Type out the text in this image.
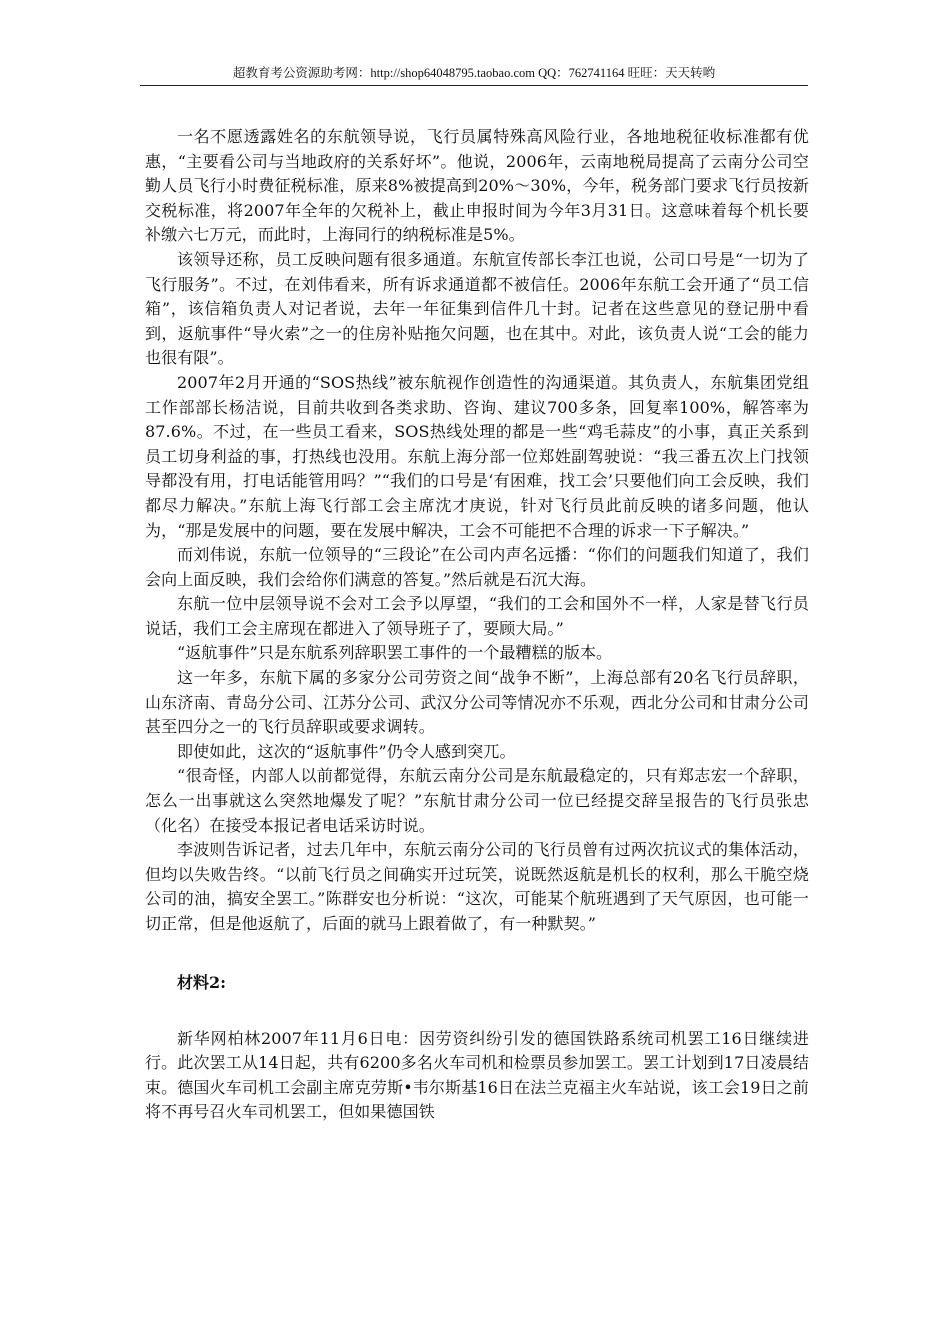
超教育考公资源助考网：http://shop64048795.taobao.com QQ：762741164 旺旺：天天转哟

一名不愿透露姓名的东航领导说，飞行员属特殊高风险行业，各地地税征收标准都有优惠，“主要看公司与当地政府的关系好坏”。他说，2006年，云南地税局提高了云南分公司空勤人员飞行小时费征税标准，原来8%被提高到20%～30%，今年，税务部门要求飞行员按新交税标准，将2007年全年的欠税补上，截止申报时间为今年3月31日。这意味着每个机长要补缴六七万元，而此时，上海同行的纳税标准是5%。

该领导还称，员工反映问题有很多通道。东航宣传部长李江也说，公司口号是“一切为了飞行服务”。不过，在刘伟看来，所有诉求通道都不被信任。2006年东航工会开通了“员工信箱”，该信箱负责人对记者说，去年一年征集到信件几十封。记者在这些意见的登记册中看到，返航事件“导火索”之一的住房补贴拖欠问题，也在其中。对此，该负责人说“工会的能力也很有限”。

2007年2月开通的“SOS热线”被东航视作创造性的沟通渠道。其负责人，东航集团党组工作部部长杨洁说，目前共收到各类求助、咨询、建议700多条，回复率100%，解答率为87.6%。不过，在一些员工看来，SOS热线处理的都是一些“鸡毛蒜皮”的小事，真正关系到员工切身利益的事，打热线也没用。东航上海分部一位郑姓副驾驶说：“我三番五次上门找领导都没有用，打电话能管用吗？”“我们的口号是‘有困难，找工会’只要他们向工会反映，我们都尽力解决。”东航上海飞行部工会主席沈才庚说，针对飞行员此前反映的诸多问题，他认为，“那是发展中的问题，要在发展中解决，工会不可能把不合理的诉求一下子解决。”

而刘伟说，东航一位领导的“三段论”在公司内声名远播：“你们的问题我们知道了，我们会向上面反映，我们会给你们满意的答复。”然后就是石沉大海。

东航一位中层领导说不会对工会予以厚望，“我们的工会和国外不一样，人家是替飞行员说话，我们工会主席现在都进入了领导班子了，要顾大局。”

“返航事件”只是东航系列辞职罢工事件的一个最糟糕的版本。

这一年多，东航下属的多家分公司劳资之间“战争不断”，上海总部有20名飞行员辞职，山东济南、青岛分公司、江苏分公司、武汉分公司等情况亦不乐观，西北分公司和甘肃分公司甚至四分之一的飞行员辞职或要求调转。

即使如此，这次的“返航事件”仍令人感到突兀。

“很奇怪，内部人以前都觉得，东航云南分公司是东航最稳定的，只有郑志宏一个辞职，怎么一出事就这么突然地爆发了呢？”东航甘肃分公司一位已经提交辞呈报告的飞行员张忠（化名）在接受本报记者电话采访时说。

李波则告诉记者，过去几年中，东航云南分公司的飞行员曾有过两次抗议式的集体活动，但均以失败告终。“以前飞行员之间确实开过玩笑，说既然返航是机长的权利，那么干脆空烧公司的油，搞安全罢工。”陈群安也分析说：“这次，可能某个航班遇到了天气原因，也可能一切正常，但是他返航了，后面的就马上跟着做了，有一种默契。”

材料2:

新华网柏林2007年11月6日电：因劳资纠纷引发的德国铁路系统司机罢工16日继续进行。此次罢工从14日起，共有6200多名火车司机和检票员参加罢工。罢工计划到17日凌晨结束。德国火车司机工会副主席克劳斯•韦尔斯基16日在法兰克福主火车站说，该工会19日之前将不再号召火车司机罢工，但如果德国铁
